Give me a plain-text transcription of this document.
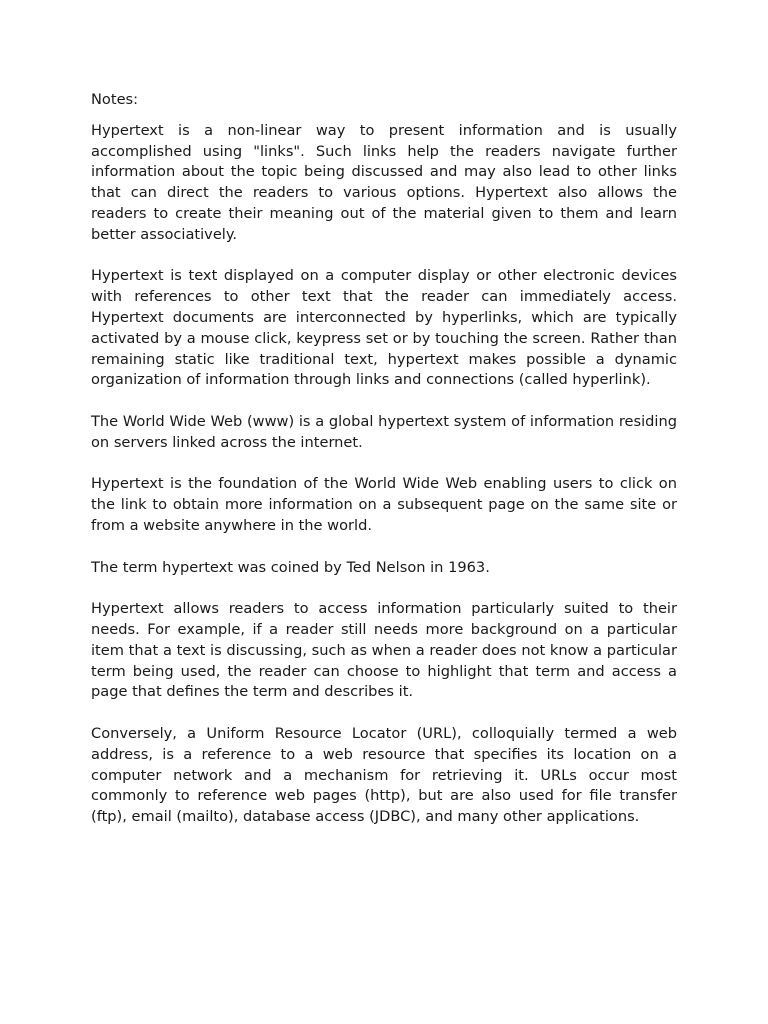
Notes:

Hypertext is a non-linear way to present information and is usually accomplished using "links". Such links help the readers navigate further information about the topic being discussed and may also lead to other links that can direct the readers to various options. Hypertext also allows the readers to create their meaning out of the material given to them and learn better associatively.

Hypertext is text displayed on a computer display or other electronic devices with references to other text that the reader can immediately access. Hypertext documents are interconnected by hyperlinks, which are typically activated by a mouse click, keypress set or by touching the screen. Rather than remaining static like traditional text, hypertext makes possible a dynamic organization of information through links and connections (called hyperlink).

The World Wide Web (www) is a global hypertext system of information residing on servers linked across the internet.

Hypertext is the foundation of the World Wide Web enabling users to click on the link to obtain more information on a subsequent page on the same site or from a website anywhere in the world.

The term hypertext was coined by Ted Nelson in 1963.

Hypertext allows readers to access information particularly suited to their needs. For example, if a reader still needs more background on a particular item that a text is discussing, such as when a reader does not know a particular term being used, the reader can choose to highlight that term and access a page that defines the term and describes it.

Conversely, a Uniform Resource Locator (URL), colloquially termed a web address, is a reference to a web resource that specifies its location on a computer network and a mechanism for retrieving it. URLs occur most commonly to reference web pages (http), but are also used for file transfer (ftp), email (mailto), database access (JDBC), and many other applications.
